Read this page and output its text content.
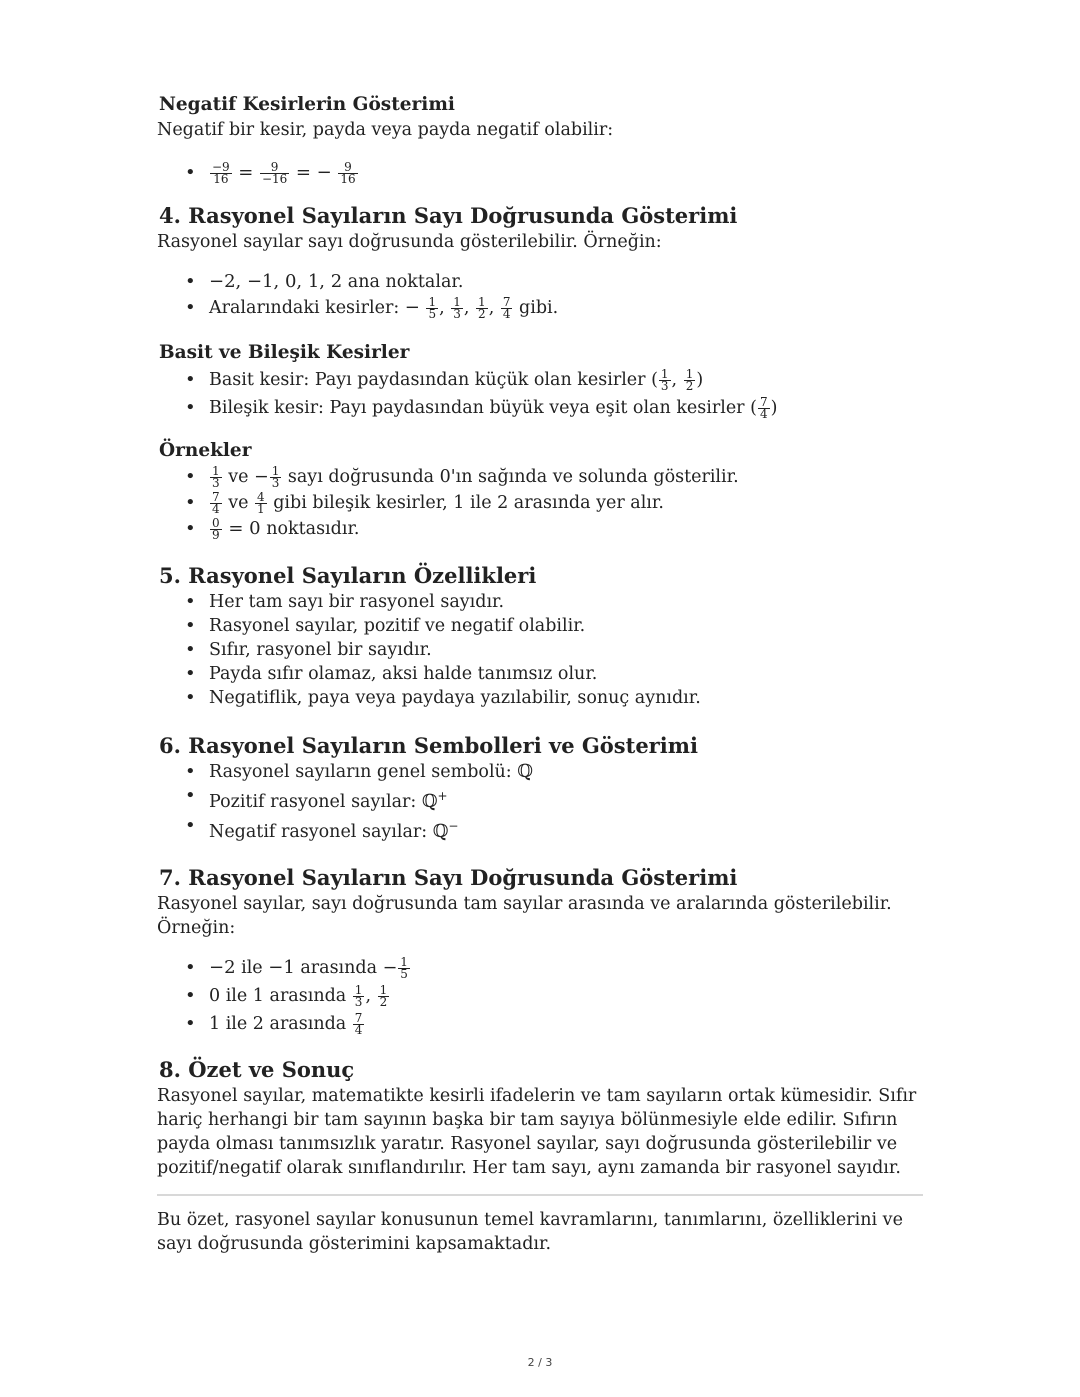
Negatif Kesirlerin Gösterimi

Negatif bir kesir, payda veya payda negatif olabilir:

• $\frac{-9}{16} = \frac{9}{-16}$ = − $\frac{9}{16}$
4. Rasyonel Sayıların Sayı Doğrusunda Gösterimi

Rasyonel sayılar sayı doğrusunda gösterilebilir. Örneğin:

• −2, −1, 0, 1, 2 ana noktalar.
• Aralarındaki kesirler: − $\frac{1}{5}$ , $\frac{1}{3}$ , $\frac{1}{2}$ , $\frac{7}{4}$ gibi.
Basit ve Bileşik Kesirler
• Basit kesir: Payı paydasından küçük olan kesirler ( $\frac{1}{3}$ , $\frac{1}{2}$ )
• Bileşik kesir: Payı paydasından büyük veya eşit olan kesirler ( $\frac{7}{4}$ )
Örnekler
• $\frac{1}{3}$ ve − $\frac{1}{3}$ sayı doğrusunda 0'ın sağında ve solunda gösterilir.
• $\frac{7}{4}$ ve $\frac{4}{1}$ gibi bileşik kesirler, 1 ile 2 arasında yer alır.
• $\frac{0}{9} = 0$ noktasıdır.
5. Rasyonel Sayıların Özellikleri
• Her tam sayı bir rasyonel sayıdır.
• Rasyonel sayılar, pozitif ve negatif olabilir.
• Sıfır, rasyonel bir sayıdır.
• Payda sıfır olamaz, aksi halde tanımsız olur.
• Negatiflik, paya veya paydaya yazılabilir, sonuç aynıdır.
6. Rasyonel Sayıların Sembolleri ve Gösterimi
• Rasyonel sayıların genel sembolü: ℚ
• Pozitif rasyonel sayılar: ℚ+
• Negatif rasyonel sayılar: ℚ−
7. Rasyonel Sayıların Sayı Doğrusunda Gösterimi

Rasyonel sayılar, sayı doğrusunda tam sayılar arasında ve aralarında gösterilebilir. Örneğin:

• −2 ile −1 arasında − $\frac{1}{5}$
• 0 ile 1 arasında $\frac{1}{3}$ , $\frac{1}{2}$
• 1 ile 2 arasında $\frac{7}{4}$
8. Özet ve Sonuç

Rasyonel sayılar, matematikte kesirli ifadelerin ve tam sayıların ortak kümesidir. Sıfır hariç herhangi bir tam sayının başka bir tam sayıya bölünmesiyle elde edilir. Sıfırın payda olması tanımsızlık yaratır. Rasyonel sayılar, sayı doğrusunda gösterilebilir ve pozitif/negatif olarak sınıflandırılır. Her tam sayı, aynı zamanda bir rasyonel sayıdır.

Bu özet, rasyonel sayılar konusunun temel kavramlarını, tanımlarını, özelliklerini ve sayı doğrusunda gösterimini kapsamaktadır.

2 / 3
